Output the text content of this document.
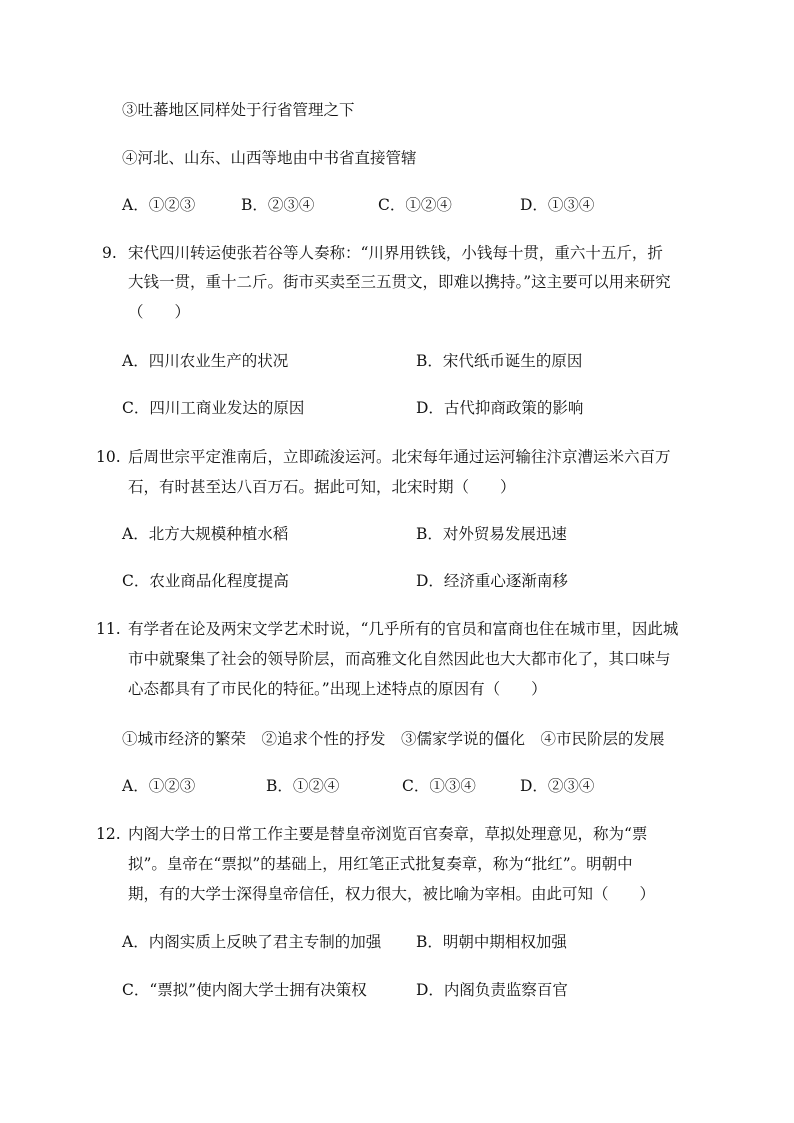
③吐蕃地区同样处于行省管理之下
④河北、山东、山西等地由中书省直接管辖
A．①②③	B．②③④	C．①②④	D．①③④
9. 宋代四川转运使张若谷等人奏称：“川界用铁钱，小钱每十贯，重六十五斤，折
大钱一贯，重十二斤。街市买卖至三五贯文，即难以携持。”这主要可以用来研究
（　　）
A．四川农业生产的状况	B．宋代纸币诞生的原因
C．四川工商业发达的原因	D．古代抑商政策的影响
10. 后周世宗平定淮南后，立即疏浚运河。北宋每年通过运河输往汴京漕运米六百万
石，有时甚至达八百万石。据此可知，北宋时期（　　）
A．北方大规模种植水稻	B．对外贸易发展迅速
C．农业商品化程度提高	D．经济重心逐渐南移
11. 有学者在论及两宋文学艺术时说，“几乎所有的官员和富商也住在城市里，因此城
市中就聚集了社会的领导阶层，而高雅文化自然因此也大大都市化了，其口味与
心态都具有了市民化的特征。”出现上述特点的原因有（　　）
①城市经济的繁荣　②追求个性的抒发　③儒家学说的僵化　④市民阶层的发展
A．①②③	B．①②④	C．①③④	D．②③④
12. 内阁大学士的日常工作主要是替皇帝浏览百官奏章，草拟处理意见，称为“票
拟”。皇帝在“票拟”的基础上，用红笔正式批复奏章，称为“批红”。明朝中
期，有的大学士深得皇帝信任，权力很大，被比喻为宰相。由此可知（　　）
A．内阁实质上反映了君主专制的加强 B．明朝中期相权加强
C．“票拟”使内阁大学士拥有决策权	D．内阁负责监察百官
